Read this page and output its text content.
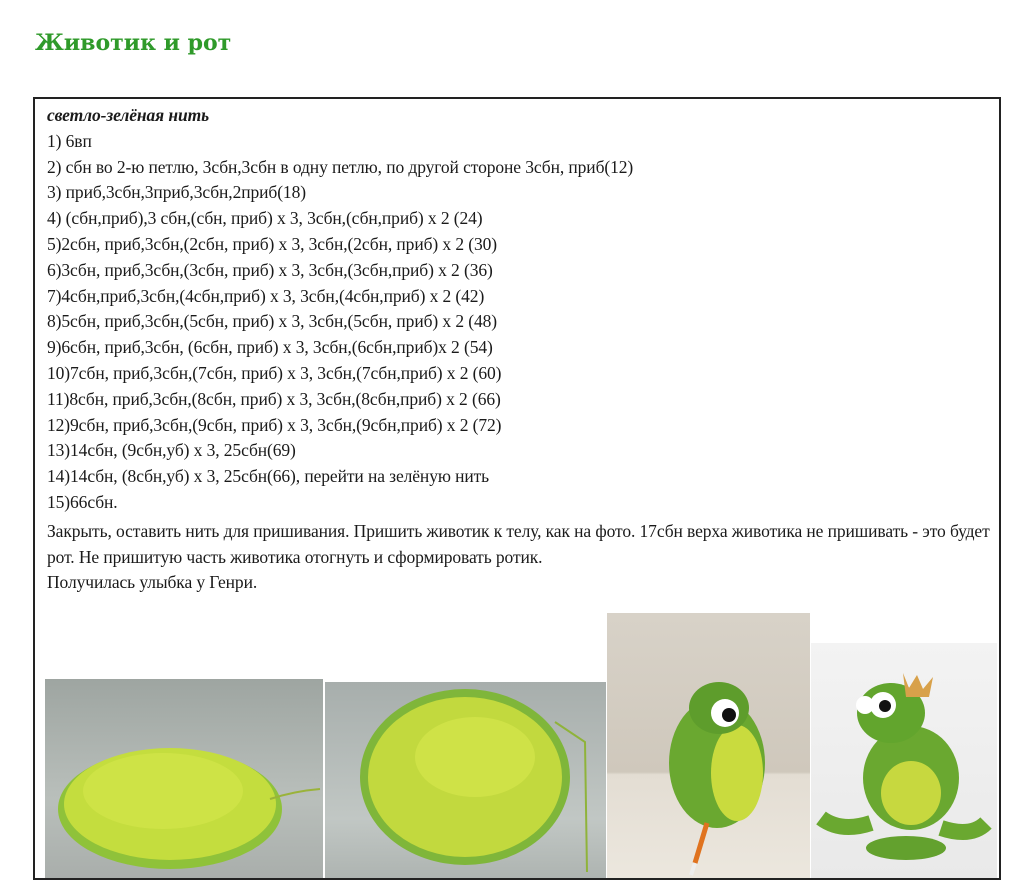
Животик и рот
светло-зелёная нить
1) 6вп
2) сбн во 2-ю петлю, 3сбн,3сбн в одну петлю, по другой стороне 3сбн, приб(12)
3) приб,3сбн,3приб,3сбн,2приб(18)
4) (сбн,приб),3 сбн,(сбн, приб) х 3, 3сбн,(сбн,приб) х 2 (24)
5)2сбн, приб,3сбн,(2сбн, приб) х 3, 3сбн,(2сбн, приб) х 2 (30)
6)3сбн, приб,3сбн,(3сбн, приб) х 3, 3сбн,(3сбн,приб) х 2 (36)
7)4сбн,приб,3сбн,(4сбн,приб) х 3, 3сбн,(4сбн,приб) х 2 (42)
8)5сбн, приб,3сбн,(5сбн, приб) х 3, 3сбн,(5сбн, приб) х 2 (48)
9)6сбн, приб,3сбн, (6сбн, приб) х 3, 3сбн,(6сбн,приб)х 2 (54)
10)7сбн, приб,3сбн,(7сбн, приб) х 3, 3сбн,(7сбн,приб) х 2 (60)
11)8сбн, приб,3сбн,(8сбн, приб) х 3, 3сбн,(8сбн,приб) х 2 (66)
12)9сбн, приб,3сбн,(9сбн, приб) х 3, 3сбн,(9сбн,приб) х 2 (72)
13)14сбн, (9сбн,уб) х 3, 25сбн(69)
14)14сбн, (8сбн,уб) х 3, 25сбн(66), перейти на зелёную нить
15)66сбн.
Закрыть, оставить нить для пришивания. Пришить животик к телу, как на фото. 17сбн верха животика не пришивать - это будет рот. Не пришитую часть животика отогнуть и сформировать ротик.
Получилась улыбка у Генри.
